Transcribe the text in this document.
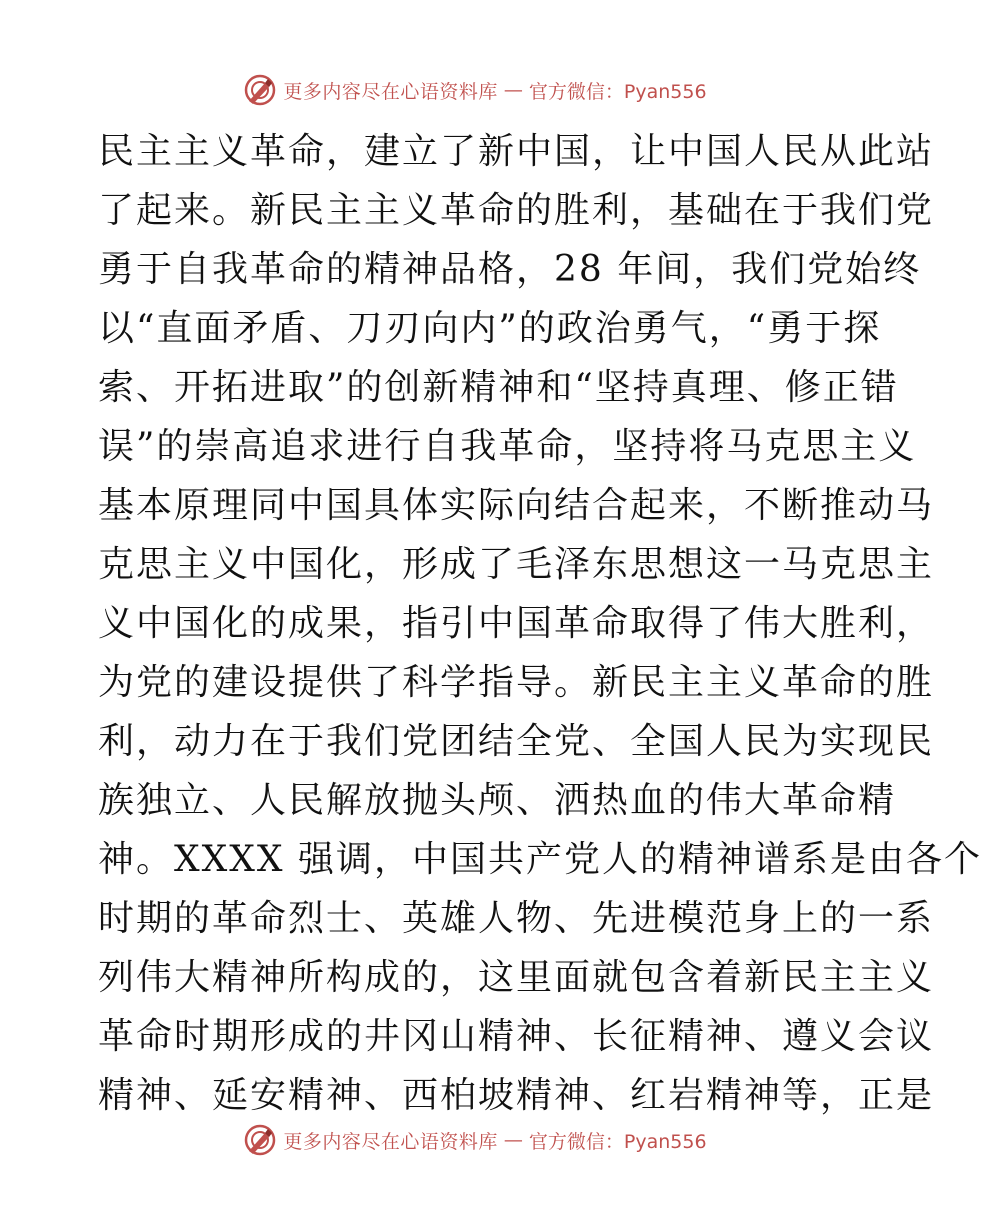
更多内容尽在心语资料库 — 官方微信：Pyan556
民主主义革命，建立了新中国，让中国人民从此站
了起来。新民主主义革命的胜利，基础在于我们党
勇于自我革命的精神品格，28 年间，我们党始终
以“直面矛盾、刀刃向内”的政治勇气，“勇于探
索、开拓进取”的创新精神和“坚持真理、修正错
误”的崇高追求进行自我革命，坚持将马克思主义
基本原理同中国具体实际向结合起来，不断推动马
克思主义中国化，形成了毛泽东思想这一马克思主
义中国化的成果，指引中国革命取得了伟大胜利，
为党的建设提供了科学指导。新民主主义革命的胜
利，动力在于我们党团结全党、全国人民为实现民
族独立、人民解放抛头颅、洒热血的伟大革命精
神。XXXX 强调，中国共产党人的精神谱系是由各个
时期的革命烈士、英雄人物、先进模范身上的一系
列伟大精神所构成的，这里面就包含着新民主主义
革命时期形成的井冈山精神、长征精神、遵义会议
精神、延安精神、西柏坡精神、红岩精神等，正是
更多内容尽在心语资料库 — 官方微信：Pyan556
